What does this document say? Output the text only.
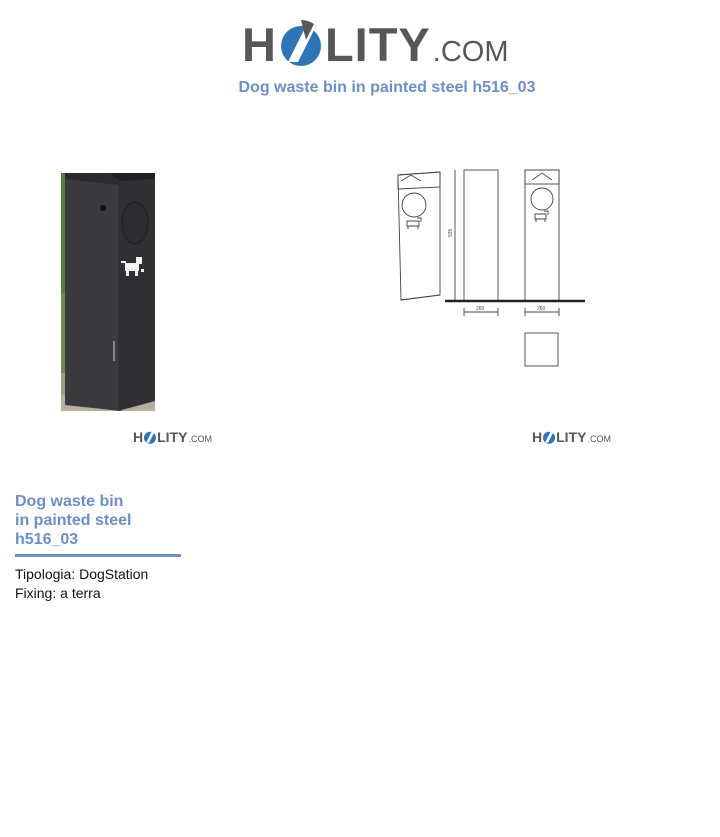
H LITY .COM
Dog waste bin in painted steel h516_03
935
260	260
H LITY .COM	H LITY .COM
Dog waste bin
in painted steel
h516_03
Tipologia: DogStation
Fixing: a terra
